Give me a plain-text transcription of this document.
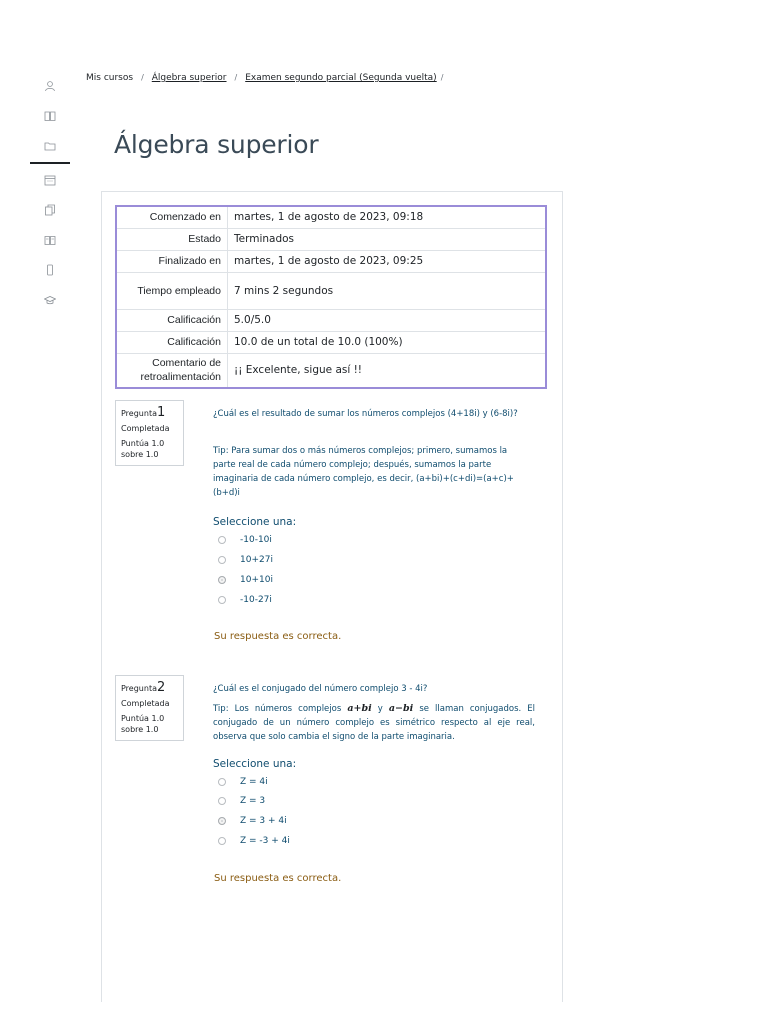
Mis cursos / Álgebra superior / Examen segundo parcial (Segunda vuelta) /
Álgebra superior
Comenzado en	martes, 1 de agosto de 2023, 09:18
Estado	Terminados
Finalizado en	martes, 1 de agosto de 2023, 09:25
Tiempo empleado	7 mins 2 segundos
Calificación	5.0/5.0
Calificación	10.0 de un total de 10.0 (100%)
Comentario de retroalimentación	¡¡ Excelente, sigue así !!
Pregunta1
Completada
Puntúa 1.0
sobre 1.0
¿Cuál es el resultado de sumar los números complejos (4+18i) y (6-8i)?
Tip: Para sumar dos o más números complejos; primero, sumamos la parte real de cada número complejo; después, sumamos la parte imaginaria de cada número complejo, es decir, (a+bi)+(c+di)=(a+c)+(b+d)i
Seleccione una:
-10-10i
10+27i
10+10i
-10-27i
Su respuesta es correcta.
Pregunta2
Completada
Puntúa 1.0
sobre 1.0
¿Cuál es el conjugado del número complejo 3 - 4i?
Tip: Los números complejos a+bi y a−bi se llaman conjugados. El conjugado de un número complejo es simétrico respecto al eje real, observa que solo cambia el signo de la parte imaginaria.
Seleccione una:
Z = 4i
Z = 3
Z = 3 + 4i
Z = -3 + 4i
Su respuesta es correcta.
